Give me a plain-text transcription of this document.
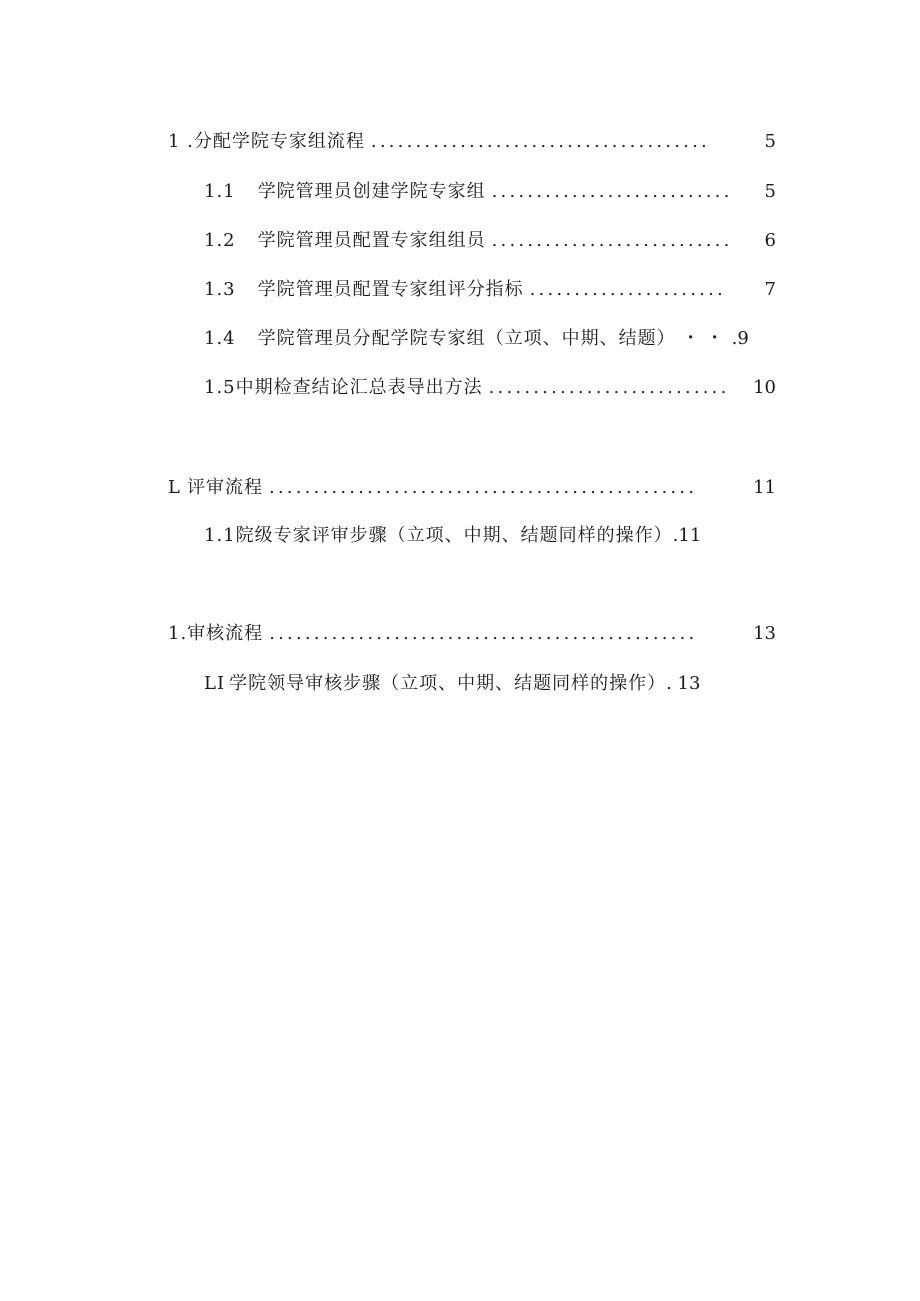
1 .分配学院专家组流程 ......................................	5
1.1 学院管理员创建学院专家组 ...........................	5
1.2 学院管理员配置专家组组员 ...........................	6
1.3 学院管理员配置专家组评分指标 ......................	7
1.4 学院管理员分配学院专家组（立项、中期、结题） ・・ .9
1.5中期检查结论汇总表导出方法 ...........................	10
L 评审流程 ................................................	11
1.1院级专家评审步骤（立项、中期、结题同样的操作） .11
1.审核流程 ................................................	13
LI 学院领导审核步骤（立项、中期、结题同样的操作） . 13
